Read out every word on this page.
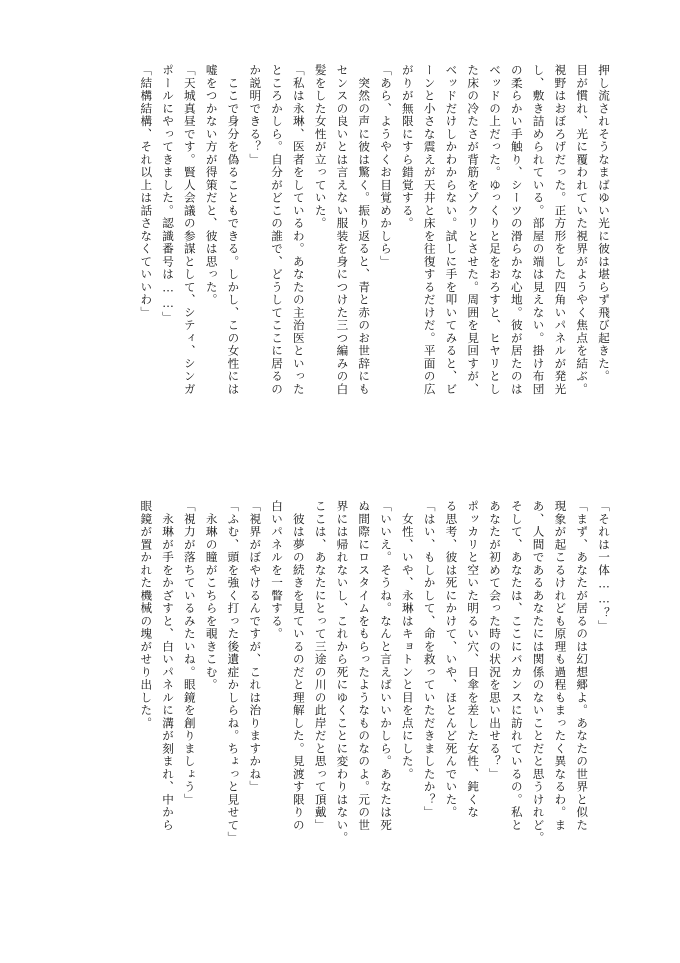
押し流されそうなまばゆい光に彼は堪らず飛び起きた。
目が慣れ、光に覆われていた視界がようやく焦点を結ぶ。
視野はおぼろげだった。正方形をした四角いパネルが発光
し、敷き詰められている。部屋の端は見えない。掛け布団
の柔らかい手触り、シーツの滑らかな心地。彼が居たのは
ベッドの上だった。ゆっくりと足をおろすと、ヒヤリとし
た床の冷たさが背筋をゾクリとさせた。周囲を見回すが、
ベッドだけしかわからない。試しに手を叩いてみると、ビ
ーンと小さな震えが天井と床を往復するだけだ。平面の広
がりが無限にすら錯覚する。
「あら、ようやくお目覚めかしら」
　突然の声に彼は驚く。振り返ると、青と赤のお世辞にも
センスの良いとは言えない服装を身につけた三つ編みの白
髪をした女性が立っていた。
「私は永琳、医者をしているわ。あなたの主治医といった
ところかしら。自分がどこの誰で、どうしてここに居るの
か説明できる？」
　ここで身分を偽ることもできる。しかし、この女性には
嘘をつかない方が得策だと、彼は思った。
「天城真昼です。賢人会議の参謀として、シティ、シンガ
ポールにやってきました。認識番号は……」
「結構結構、それ以上は話さなくていいわ」
「それは一体……？」
「まず、あなたが居るのは幻想郷よ。あなたの世界と似た
現象が起こるけれども原理も過程もまったく異なるわ。ま
あ、人間であるあなたには関係のないことだと思うけれど。
そして、あなたは、ここにバカンスに訪れているの。私と
あなたが初めて会った時の状況を思い出せる？」
ポッカリと空いた明るい穴、日傘を差した女性、鈍くな
る思考、彼は死にかけて、いや、ほとんど死んでいた。
「はい、もしかして、命を救っていただきましたか？」
　女性、いや、永琳はキョトンと目を点にした。
「いいえ。そうね。なんと言えばいいかしら。あなたは死
ぬ間際にロスタイムをもらったようなものなのよ。元の世
界には帰れないし、これから死にゆくことに変わりはない。
ここは、あなたにとって三途の川の此岸だと思って頂戴」
　彼は夢の続きを見ているのだと理解した。見渡す限りの
白いパネルを一瞥する。
「視界がぼやけるんですが、これは治りますかね」
「ふむ、頭を強く打った後遺症かしらね。ちょっと見せて」
　永琳の瞳がこちらを覗きこむ。
「視力が落ちているみたいね。眼鏡を創りましょう」
　永琳が手をかざすと、白いパネルに溝が刻まれ、中から
眼鏡が置かれた機械の塊がせり出した。
